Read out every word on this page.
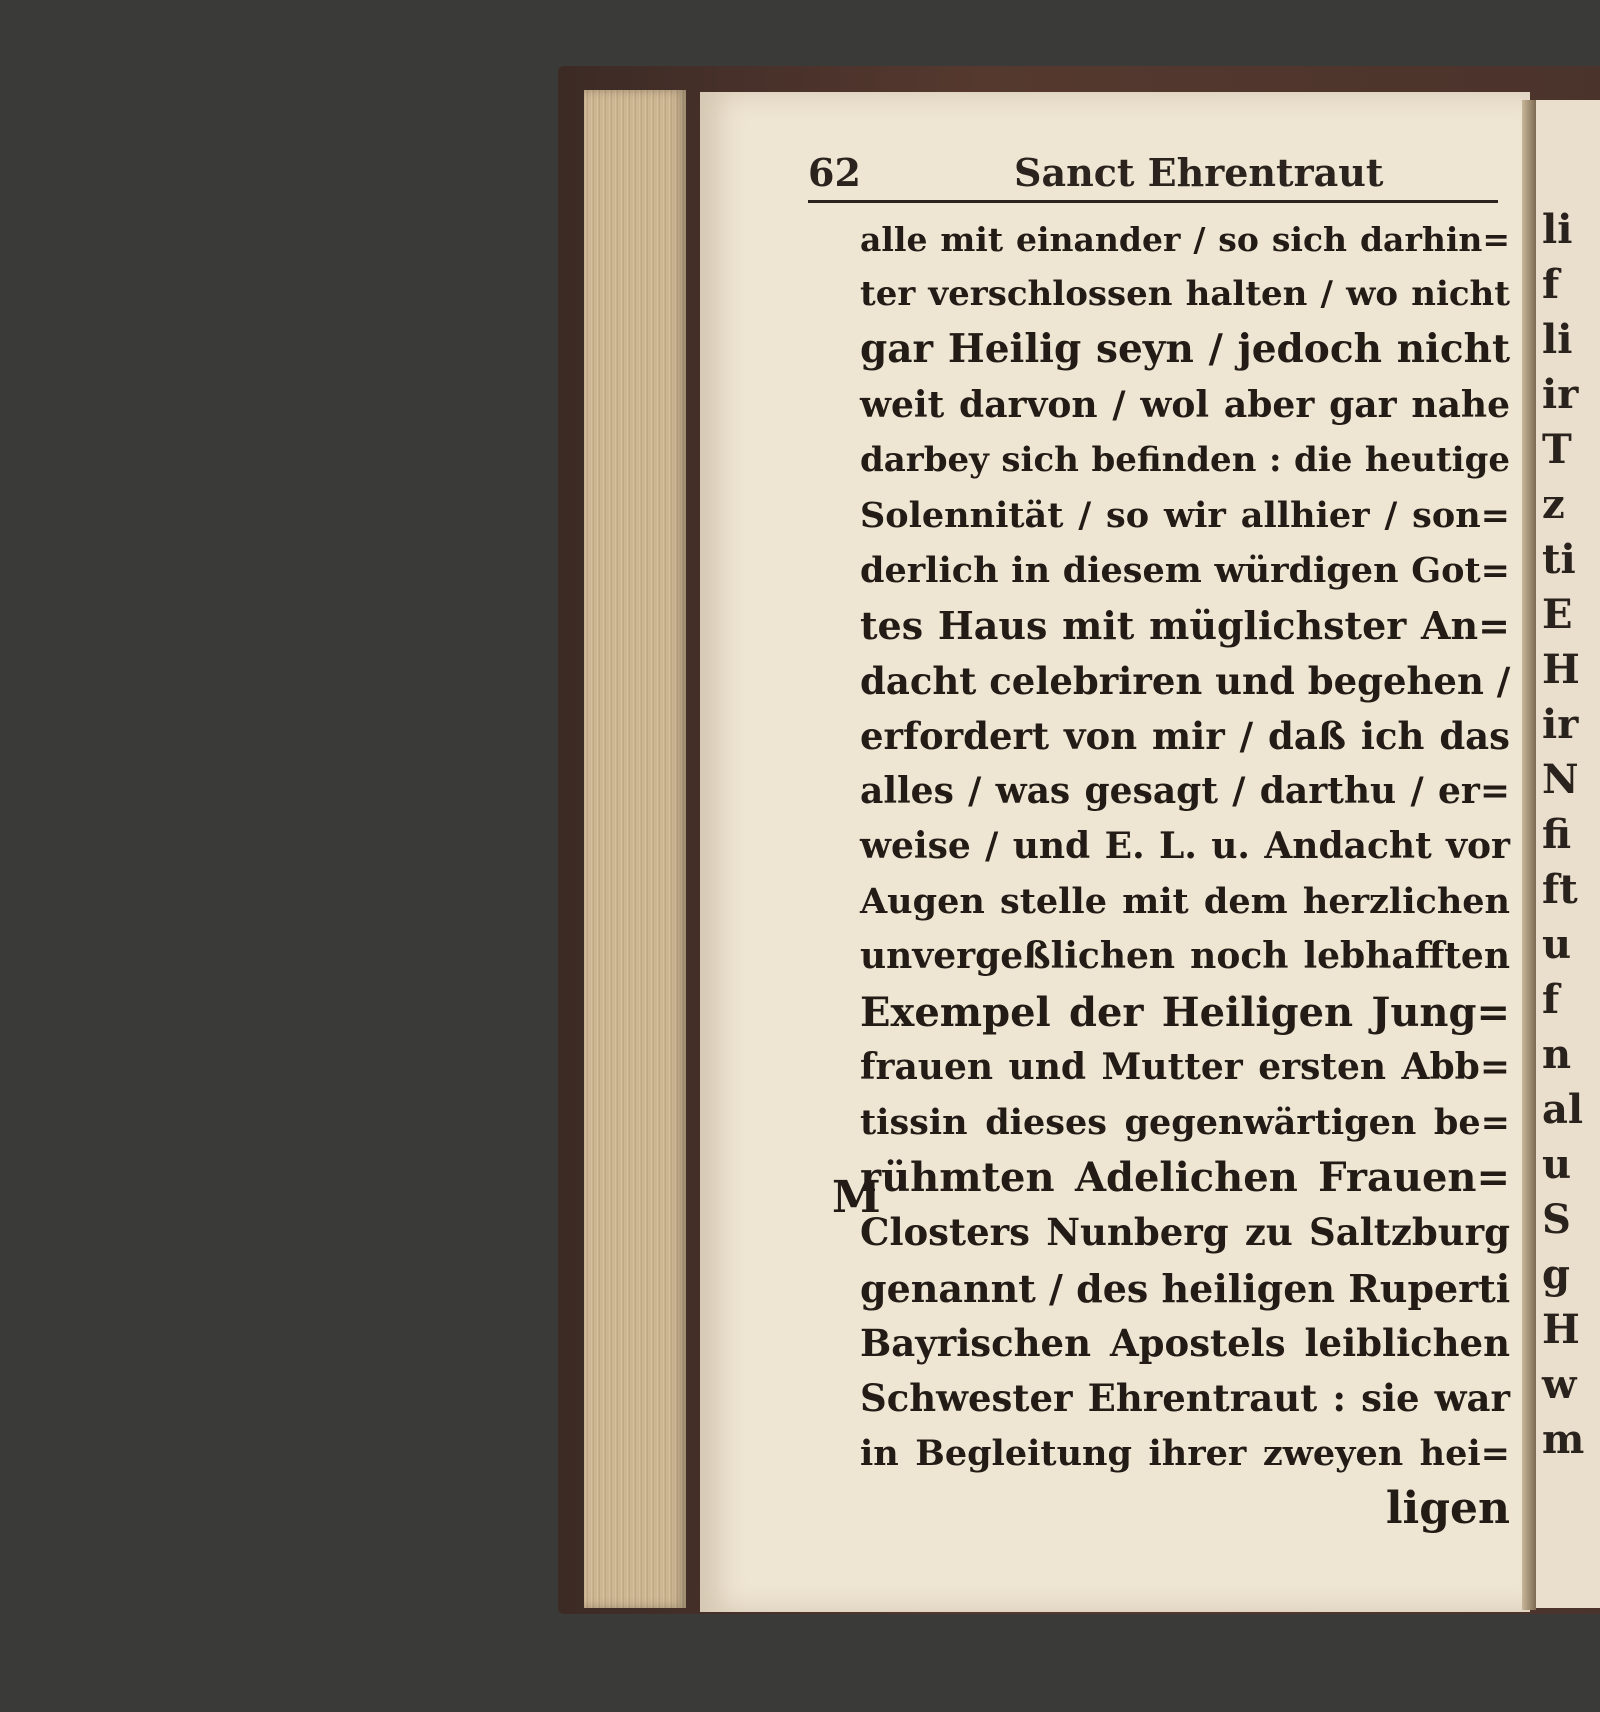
li
f
li
ir
T
z
ti
E
H
ir
N
fi
ft
u
f
n
al
u
S
g
H
w
m
62	Sanct Ehrentraut
M
alle mit einander / so sich darhin=
ter verschlossen halten / wo nicht
gar Heilig seyn / jedoch nicht
weit darvon / wol aber gar nahe
darbey sich befinden : die heutige
Solennität / so wir allhier / son=
derlich in diesem würdigen Got=
tes Haus mit müglichster An=
dacht celebriren und begehen /
erfordert von mir / daß ich das
alles / was gesagt / darthu / er=
weise / und E. L. u. Andacht vor
Augen stelle mit dem herzlichen
unvergeßlichen noch lebhafften
Exempel der Heiligen Jung=
frauen und Mutter ersten Abb=
tissin dieses gegenwärtigen be=
rühmten Adelichen Frauen=
Closters Nunberg zu Saltzburg
genannt / des heiligen Ruperti
Bayrischen Apostels leiblichen
Schwester Ehrentraut : sie war
in Begleitung ihrer zweyen hei=
ligen
